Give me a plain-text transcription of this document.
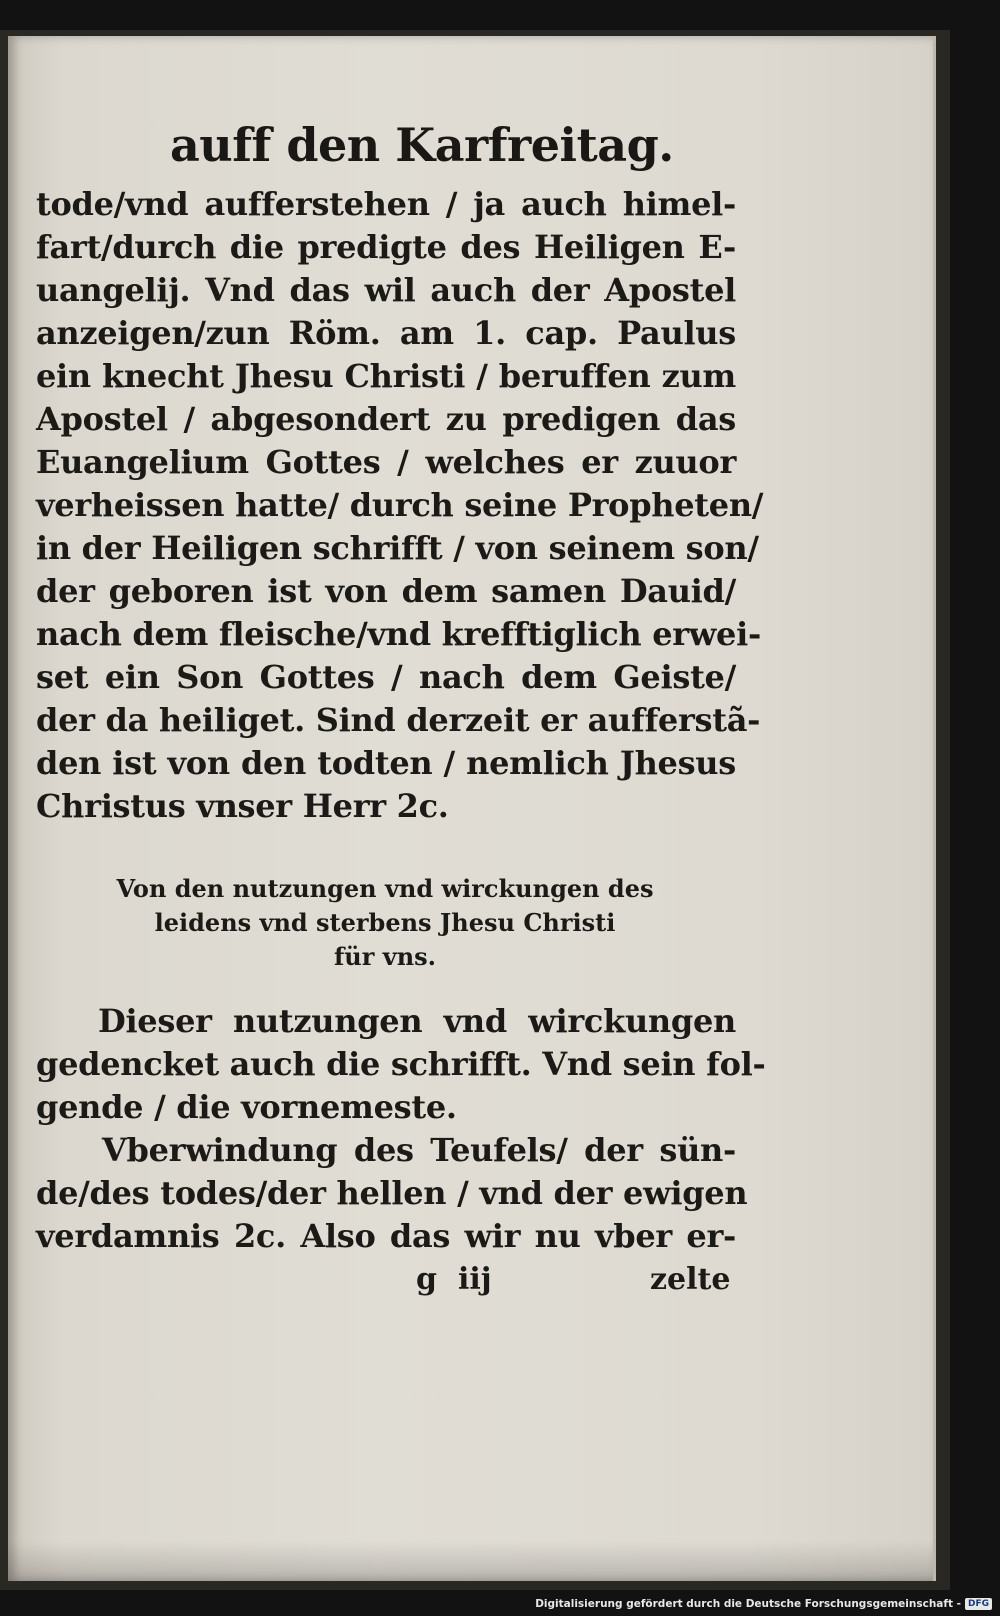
auff den Karfreitag.
tode/vnd aufferstehen / ja auch himel-
fart/durch die predigte des Heiligen E-
uangelij. Vnd das wil auch der Apostel
anzeigen/zun Röm. am 1. cap. Paulus
ein knecht Jhesu Christi / beruffen zum
Apostel / abgesondert zu predigen das
Euangelium Gottes / welches er zuuor
verheissen hatte/ durch seine Propheten/
in der Heiligen schrifft / von seinem son/
der geboren ist von dem samen Dauid/
nach dem fleische/vnd krefftiglich erwei-
set ein Son Gottes / nach dem Geiste/
der da heiliget. Sind derzeit er aufferstã-
den ist von den todten / nemlich Jhesus
Christus vnser Herr 2c.
Von den nutzungen vnd wirckungen des
leidens vnd sterbens Jhesu Christi
für vns.
Dieser nutzungen vnd wirckungen
gedencket auch die schrifft. Vnd sein fol-
gende / die vornemeste.
Vberwindung des Teufels/ der sün-
de/des todes/der hellen / vnd der ewigen
verdamnis 2c. Also das wir nu vber er-
g iij	zelte
Digitalisierung gefördert durch die Deutsche Forschungsgemeinschaft - DFG
